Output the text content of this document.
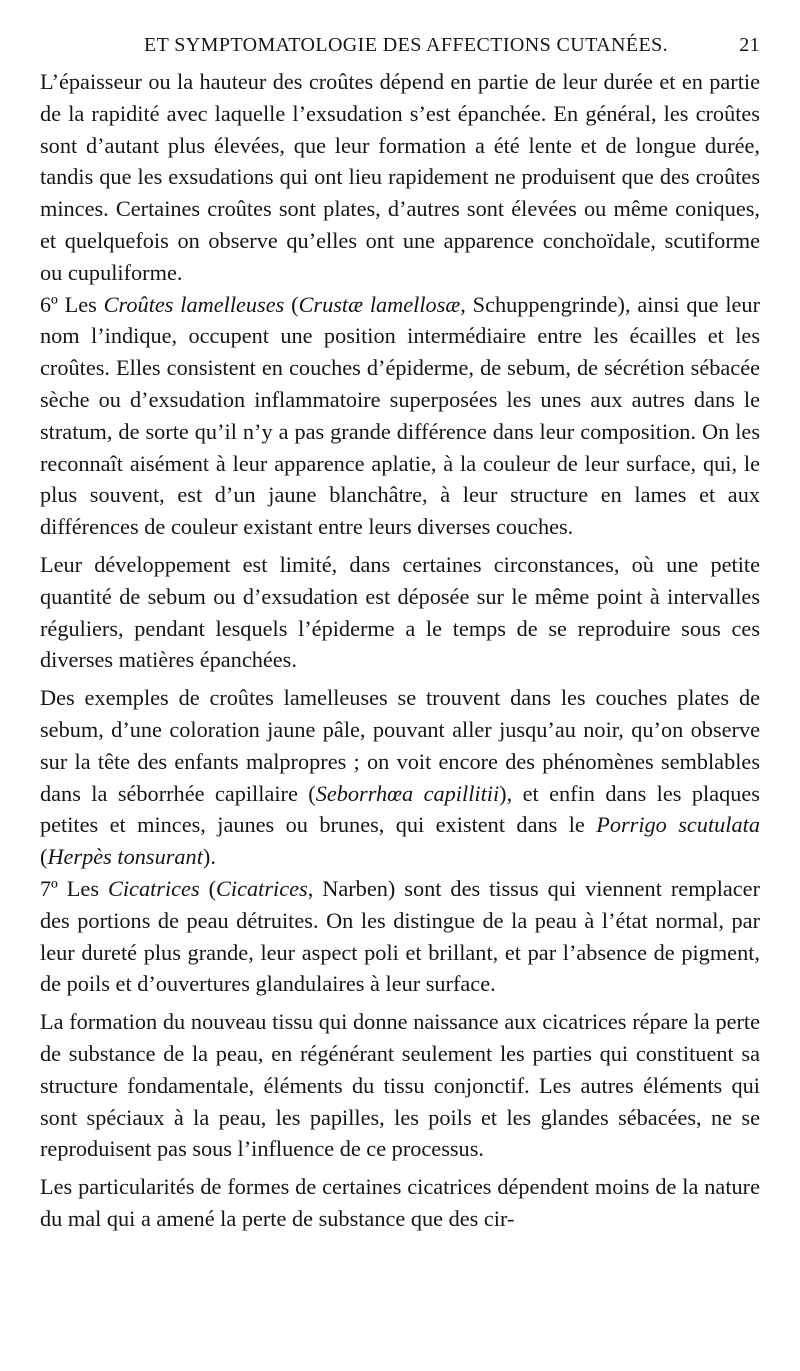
ET SYMPTOMATOLOGIE DES AFFECTIONS CUTANÉES.	21

L’épaisseur ou la hauteur des croûtes dépend en partie de leur durée et en partie de la rapidité avec laquelle l’exsudation s’est épanchée. En général, les croûtes sont d’autant plus élevées, que leur formation a été lente et de longue durée, tandis que les exsudations qui ont lieu rapidement ne produisent que des croûtes minces. Certaines croûtes sont plates, d’autres sont élevées ou même coniques, et quelquefois on observe qu’elles ont une apparence conchoïdale, scutiforme ou cupuliforme.

6º Les Croûtes lamelleuses (Crustæ lamellosæ, Schuppengrinde), ainsi que leur nom l’indique, occupent une position intermédiaire entre les écailles et les croûtes. Elles consistent en couches d’épiderme, de sebum, de sécrétion sébacée sèche ou d’exsudation inflammatoire superposées les unes aux autres dans le stratum, de sorte qu’il n’y a pas grande différence dans leur composition. On les reconnaît aisément à leur apparence aplatie, à la couleur de leur surface, qui, le plus souvent, est d’un jaune blanchâtre, à leur structure en lames et aux différences de couleur existant entre leurs diverses couches.

Leur développement est limité, dans certaines circonstances, où une petite quantité de sebum ou d’exsudation est déposée sur le même point à intervalles réguliers, pendant lesquels l’épiderme a le temps de se reproduire sous ces diverses matières épanchées.

Des exemples de croûtes lamelleuses se trouvent dans les couches plates de sebum, d’une coloration jaune pâle, pouvant aller jusqu’au noir, qu’on observe sur la tête des enfants malpropres ; on voit encore des phénomènes semblables dans la séborrhée capillaire (Seborrhœa capillitii), et enfin dans les plaques petites et minces, jaunes ou brunes, qui existent dans le Porrigo scutulata (Herpès tonsurant).

7º Les Cicatrices (Cicatrices, Narben) sont des tissus qui viennent remplacer des portions de peau détruites. On les distingue de la peau à l’état normal, par leur dureté plus grande, leur aspect poli et brillant, et par l’absence de pigment, de poils et d’ouvertures glandulaires à leur surface.

La formation du nouveau tissu qui donne naissance aux cicatrices répare la perte de substance de la peau, en régénérant seulement les parties qui constituent sa structure fondamentale, éléments du tissu conjonctif. Les autres éléments qui sont spéciaux à la peau, les papilles, les poils et les glandes sébacées, ne se reproduisent pas sous l’influence de ce processus.

Les particularités de formes de certaines cicatrices dépendent moins de la nature du mal qui a amené la perte de substance que des cir-
